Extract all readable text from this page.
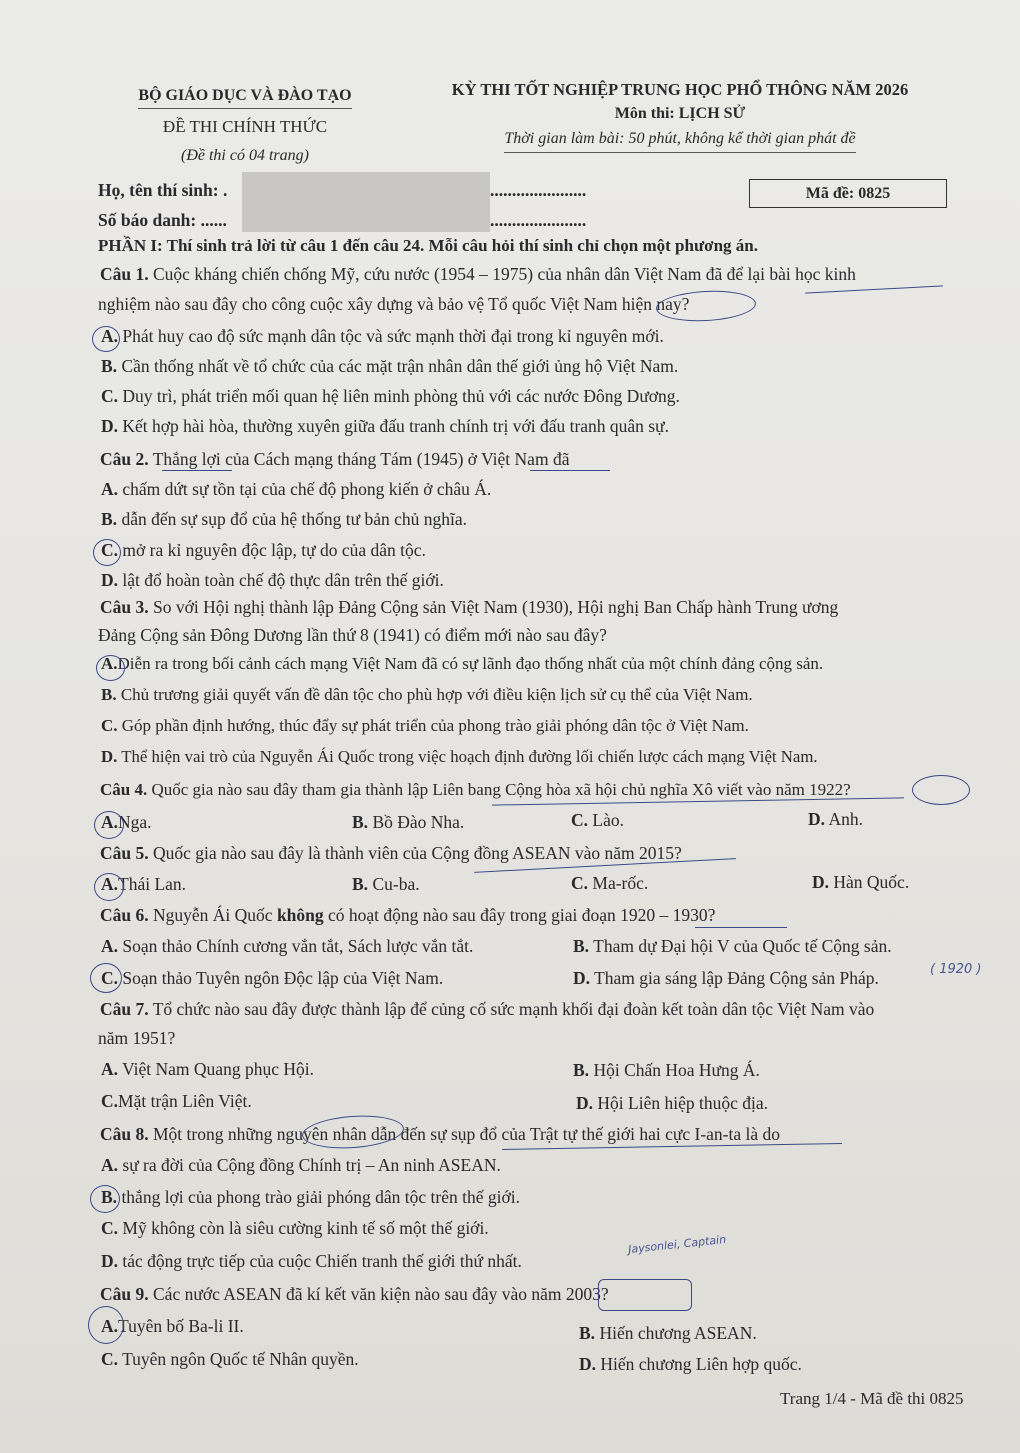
BỘ GIÁO DỤC VÀ ĐÀO TẠO
ĐỀ THI CHÍNH THỨC
(Đề thi có 04 trang)
KỲ THI TỐT NGHIỆP TRUNG HỌC PHỔ THÔNG NĂM 2026
Môn thi: LỊCH SỬ
Thời gian làm bài: 50 phút, không kể thời gian phát đề
Họ, tên thí sinh: .	......................
Số báo danh: ......	......................
Mã đề: 0825
PHẦN I: Thí sinh trả lời từ câu 1 đến câu 24. Mỗi câu hỏi thí sinh chỉ chọn một phương án.
Câu 1. Cuộc kháng chiến chống Mỹ, cứu nước (1954 – 1975) của nhân dân Việt Nam đã để lại bài học kinh
nghiệm nào sau đây cho công cuộc xây dựng và bảo vệ Tổ quốc Việt Nam hiện nay?
A. Phát huy cao độ sức mạnh dân tộc và sức mạnh thời đại trong kỉ nguyên mới.
B. Cần thống nhất về tổ chức của các mặt trận nhân dân thế giới ủng hộ Việt Nam.
C. Duy trì, phát triển mối quan hệ liên minh phòng thủ với các nước Đông Dương.
D. Kết hợp hài hòa, thường xuyên giữa đấu tranh chính trị với đấu tranh quân sự.
Câu 2. Thắng lợi của Cách mạng tháng Tám (1945) ở Việt Nam đã
A. chấm dứt sự tồn tại của chế độ phong kiến ở châu Á.
B. dẫn đến sự sụp đổ của hệ thống tư bản chủ nghĩa.
C. mở ra kỉ nguyên độc lập, tự do của dân tộc.
D. lật đổ hoàn toàn chế độ thực dân trên thế giới.
Câu 3. So với Hội nghị thành lập Đảng Cộng sản Việt Nam (1930), Hội nghị Ban Chấp hành Trung ương
Đảng Cộng sản Đông Dương lần thứ 8 (1941) có điểm mới nào sau đây?
A.Diễn ra trong bối cảnh cách mạng Việt Nam đã có sự lãnh đạo thống nhất của một chính đảng cộng sản.
B. Chủ trương giải quyết vấn đề dân tộc cho phù hợp với điều kiện lịch sử cụ thể của Việt Nam.
C. Góp phần định hướng, thúc đẩy sự phát triển của phong trào giải phóng dân tộc ở Việt Nam.
D. Thể hiện vai trò của Nguyễn Ái Quốc trong việc hoạch định đường lối chiến lược cách mạng Việt Nam.
Câu 4. Quốc gia nào sau đây tham gia thành lập Liên bang Cộng hòa xã hội chủ nghĩa Xô viết vào năm 1922?
A.Nga.	B. Bồ Đào Nha.	C. Lào.	D. Anh.
Câu 5. Quốc gia nào sau đây là thành viên của Cộng đồng ASEAN vào năm 2015?
A.Thái Lan.	B. Cu-ba.	C. Ma-rốc.	D. Hàn Quốc.
Câu 6. Nguyễn Ái Quốc không có hoạt động nào sau đây trong giai đoạn 1920 – 1930?
A. Soạn thảo Chính cương vắn tắt, Sách lược vắn tắt.	B. Tham dự Đại hội V của Quốc tế Cộng sản.
C. Soạn thảo Tuyên ngôn Độc lập của Việt Nam.	D. Tham gia sáng lập Đảng Cộng sản Pháp.	( 1920 )
Câu 7. Tổ chức nào sau đây được thành lập để củng cố sức mạnh khối đại đoàn kết toàn dân tộc Việt Nam vào
năm 1951?
A. Việt Nam Quang phục Hội.	B. Hội Chấn Hoa Hưng Á.
C.Mặt trận Liên Việt.	D. Hội Liên hiệp thuộc địa.
Câu 8. Một trong những nguyên nhân dẫn đến sự sụp đổ của Trật tự thế giới hai cực I-an-ta là do
A. sự ra đời của Cộng đồng Chính trị – An ninh ASEAN.
B. thắng lợi của phong trào giải phóng dân tộc trên thế giới.
C. Mỹ không còn là siêu cường kinh tế số một thế giới.
D. tác động trực tiếp của cuộc Chiến tranh thế giới thứ nhất.
Jaysonlei, Captain
Câu 9. Các nước ASEAN đã kí kết văn kiện nào sau đây vào năm 2003?
A.Tuyên bố Ba-li II.	B. Hiến chương ASEAN.
C. Tuyên ngôn Quốc tế Nhân quyền.	D. Hiến chương Liên hợp quốc.
Trang 1/4 - Mã đề thi 0825
